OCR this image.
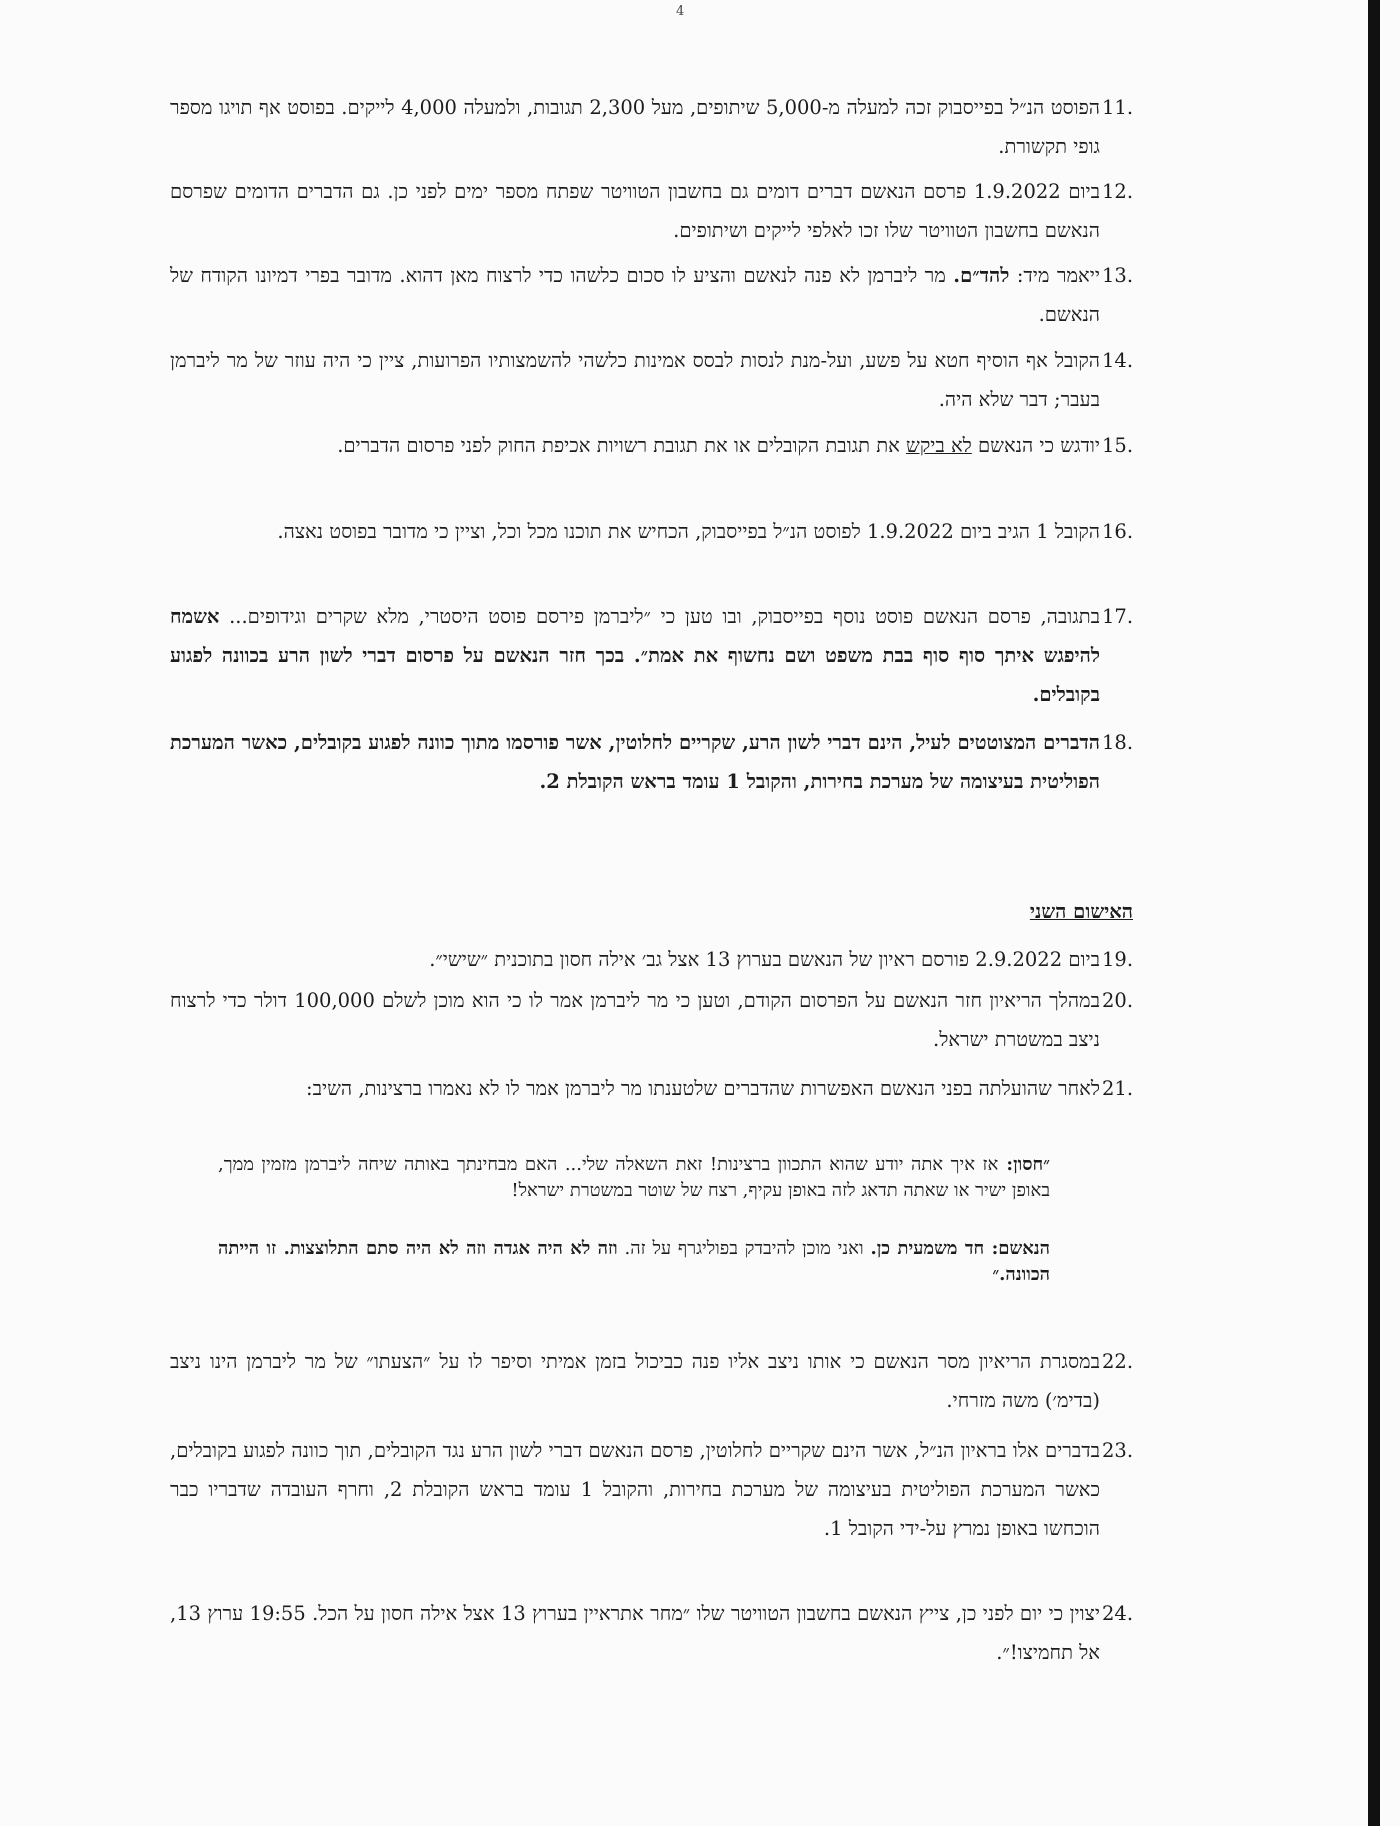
4
11.
הפוסט הנ״ל בפייסבוק זכה למעלה מ-5,000 שיתופים, מעל 2,300 תגובות, ולמעלה 4,000 לייקים. בפוסט אף תויגו מספר גופי תקשורת.
12.
ביום 1.9.2022 פרסם הנאשם דברים דומים גם בחשבון הטוויטר שפתח מספר ימים לפני כן. גם הדברים הדומים שפרסם הנאשם בחשבון הטוויטר שלו זכו לאלפי לייקים ושיתופים.
13.
ייאמר מיד: להד״ם. מר ליברמן לא פנה לנאשם והציע לו סכום כלשהו כדי לרצוח מאן דהוא. מדובר בפרי דמיונו הקודח של הנאשם.
14.
הקובל אף הוסיף חטא על פשע, ועל-מנת לנסות לבסס אמינות כלשהי להשמצותיו הפרועות, ציין כי היה עוזר של מר ליברמן בעבר; דבר שלא היה.
15.
יודגש כי הנאשם לא ביקש את תגובת הקובלים או את תגובת רשויות אכיפת החוק לפני פרסום הדברים.
16.
הקובל 1 הגיב ביום 1.9.2022 לפוסט הנ״ל בפייסבוק, הכחיש את תוכנו מכל וכל, וציין כי מדובר בפוסט נאצה.
17.
בתגובה, פרסם הנאשם פוסט נוסף בפייסבוק, ובו טען כי ״ליברמן פירסם פוסט היסטרי, מלא שקרים וגידופים... אשמח להיפגש איתך סוף סוף בבת משפט ושם נחשוף את אמת״. בכך חזר הנאשם על פרסום דברי לשון הרע בכוונה לפגוע בקובלים.
18.
הדברים המצוטטים לעיל, הינם דברי לשון הרע, שקריים לחלוטין, אשר פורסמו מתוך כוונה לפגוע בקובלים, כאשר המערכת הפוליטית בעיצומה של מערכת בחירות, והקובל 1 עומד בראש הקובלת 2.
האישום השני
19.
ביום 2.9.2022 פורסם ראיון של הנאשם בערוץ 13 אצל גב׳ אילה חסון בתוכנית ״שישי״.
20.
במהלך הריאיון חזר הנאשם על הפרסום הקודם, וטען כי מר ליברמן אמר לו כי הוא מוכן לשלם 100,000 דולר כדי לרצוח ניצב במשטרת ישראל.
21.
לאחר שהועלתה בפני הנאשם האפשרות שהדברים שלטענתו מר ליברמן אמר לו לא נאמרו ברצינות, השיב:
״חסון: אז איך אתה יודע שהוא התכוון ברצינות! זאת השאלה שלי... האם מבחינתך באותה שיחה ליברמן מזמין ממך, באופן ישיר או שאתה תדאג לזה באופן עקיף, רצח של שוטר במשטרת ישראל!
הנאשם: חד משמעית כן. ואני מוכן להיבדק בפוליגרף על זה. וזה לא היה אגדה וזה לא היה סתם התלוצצות. זו הייתה הכוונה.״
22.
במסגרת הריאיון מסר הנאשם כי אותו ניצב אליו פנה כביכול בזמן אמיתי וסיפר לו על ״הצעתו״ של מר ליברמן הינו ניצב (בדימ׳) משה מזרחי.
23.
בדברים אלו בראיון הנ״ל, אשר הינם שקריים לחלוטין, פרסם הנאשם דברי לשון הרע נגד הקובלים, תוך כוונה לפגוע בקובלים, כאשר המערכת הפוליטית בעיצומה של מערכת בחירות, והקובל 1 עומד בראש הקובלת 2, וחרף העובדה שדבריו כבר הוכחשו באופן נמרץ על-ידי הקובל 1.
24.
יצוין כי יום לפני כן, צייץ הנאשם בחשבון הטוויטר שלו ״מחר אתראיין בערוץ 13 אצל אילה חסון על הכל. 19:55 ערוץ 13, אל תחמיצו!״.
